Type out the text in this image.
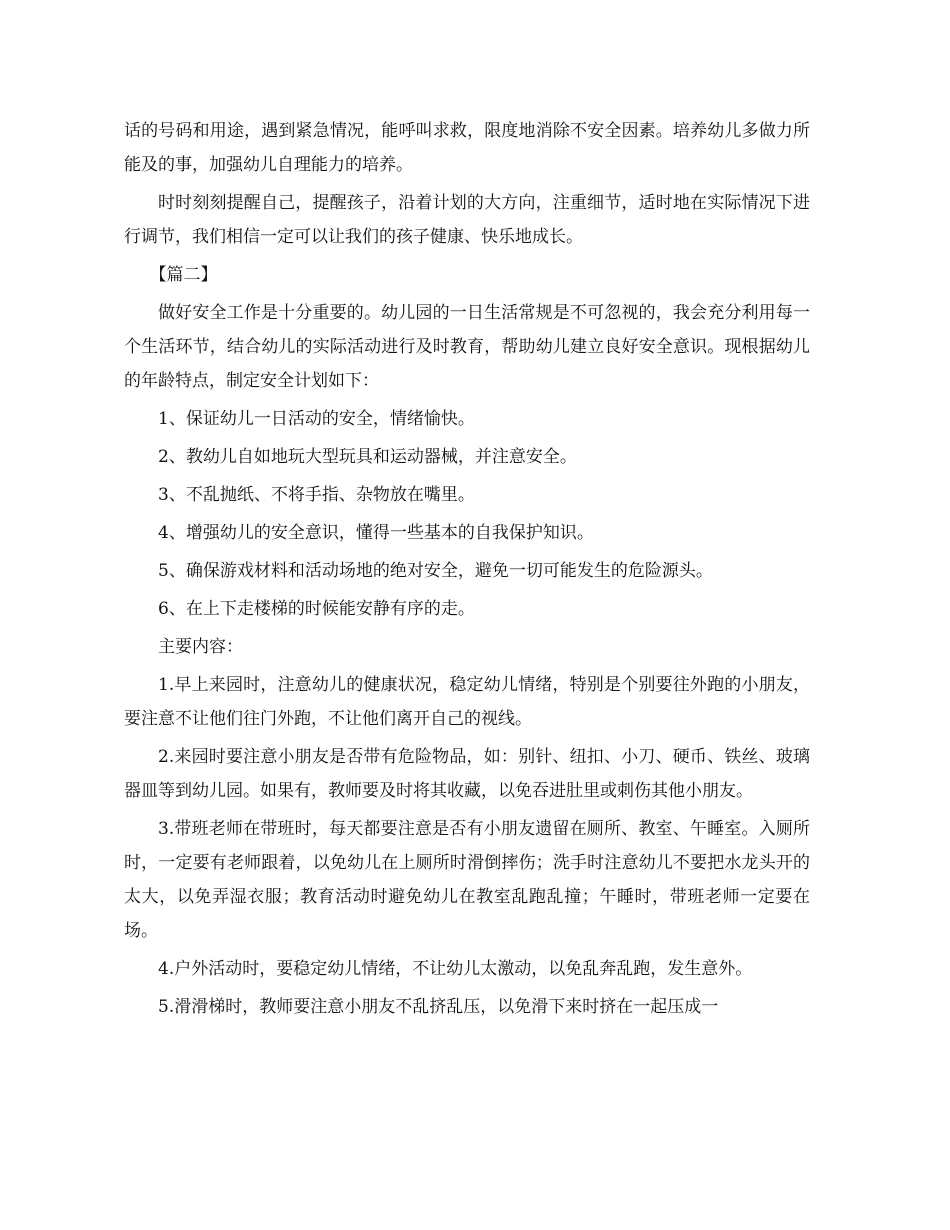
话的号码和用途，遇到紧急情况，能呼叫求救，限度地消除不安全因素。培养幼儿多做力所能及的事，加强幼儿自理能力的培养。

时时刻刻提醒自己，提醒孩子，沿着计划的大方向，注重细节，适时地在实际情况下进行调节，我们相信一定可以让我们的孩子健康、快乐地成长。

【篇二】

做好安全工作是十分重要的。幼儿园的一日生活常规是不可忽视的，我会充分利用每一个生活环节，结合幼儿的实际活动进行及时教育，帮助幼儿建立良好安全意识。现根据幼儿的年龄特点，制定安全计划如下：

1、保证幼儿一日活动的安全，情绪愉快。

2、教幼儿自如地玩大型玩具和运动器械，并注意安全。

3、不乱抛纸、不将手指、杂物放在嘴里。

4、增强幼儿的安全意识，懂得一些基本的自我保护知识。

5、确保游戏材料和活动场地的绝对安全，避免一切可能发生的危险源头。

6、在上下走楼梯的时候能安静有序的走。

主要内容：

1.早上来园时，注意幼儿的健康状况，稳定幼儿情绪，特别是个别要往外跑的小朋友，要注意不让他们往门外跑，不让他们离开自己的视线。

2.来园时要注意小朋友是否带有危险物品，如：别针、纽扣、小刀、硬币、铁丝、玻璃器皿等到幼儿园。如果有，教师要及时将其收藏，以免吞进肚里或刺伤其他小朋友。

3.带班老师在带班时，每天都要注意是否有小朋友遗留在厕所、教室、午睡室。入厕所时，一定要有老师跟着，以免幼儿在上厕所时滑倒摔伤；洗手时注意幼儿不要把水龙头开的太大，以免弄湿衣服；教育活动时避免幼儿在教室乱跑乱撞；午睡时，带班老师一定要在场。

4.户外活动时，要稳定幼儿情绪，不让幼儿太激动，以免乱奔乱跑，发生意外。

5.滑滑梯时，教师要注意小朋友不乱挤乱压，以免滑下来时挤在一起压成一
